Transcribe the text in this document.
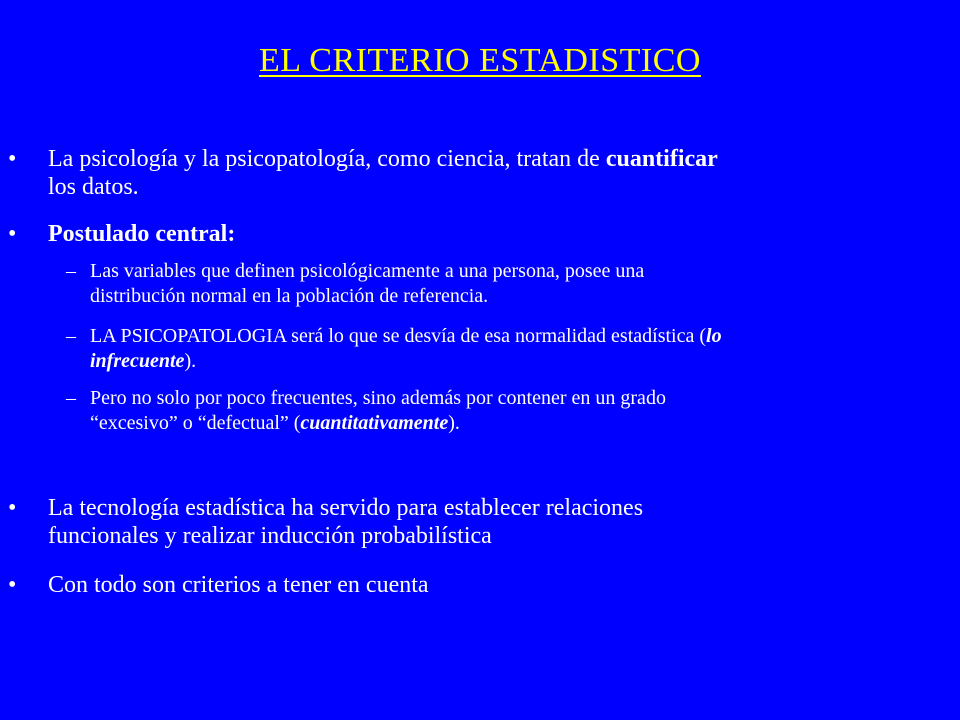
EL CRITERIO ESTADISTICO
•	La psicología y la psicopatología, como ciencia, tratan de cuantificar
los datos.
•	Postulado central:
– Las variables que definen psicológicamente a una persona, posee una
distribución normal en la población de referencia.
– LA PSICOPATOLOGIA será lo que se desvía de esa normalidad estadística (lo
infrecuente).
– Pero no solo por poco frecuentes, sino además por contener en un grado
“excesivo” o “defectual” (cuantitativamente).
•	La tecnología estadística ha servido para establecer relaciones
funcionales y realizar inducción probabilística
•	Con todo son criterios a tener en cuenta
